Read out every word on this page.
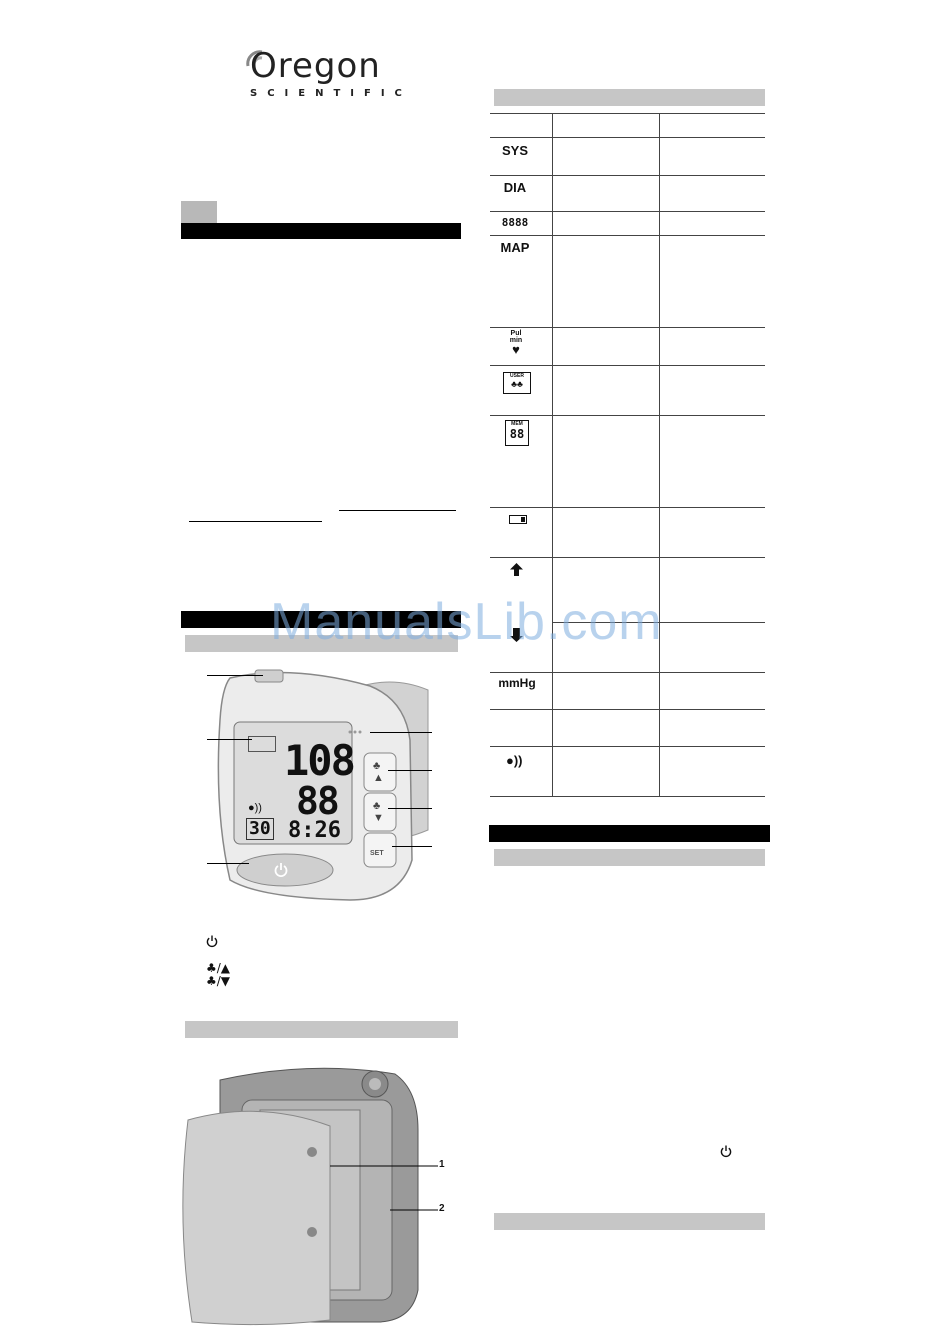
Oregon
SCIENTIFIC
108
88
8:26
30
●))
SET
♣
▲
♣
▼
♣/▲
♣/▼
1
2
SYS
DIA
8888
MAP
Pul min
♥
USER
♣♣
MEM
88
mmHg
●))
ManualsLib.com
